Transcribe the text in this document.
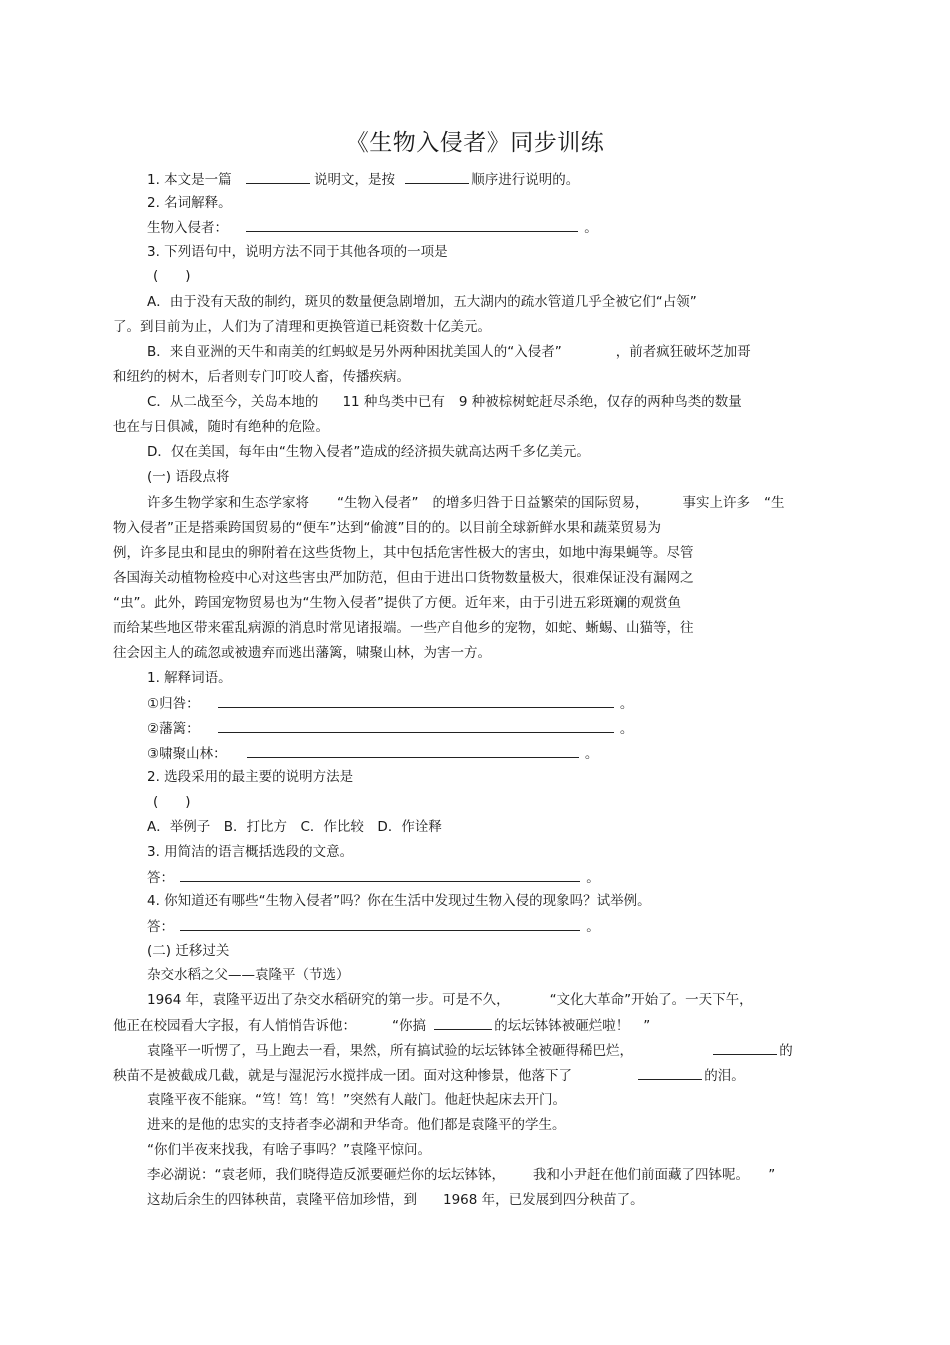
《生物入侵者》同步训练
1. 本文是一篇	说明文，是按	顺序进行说明的。
2. 名词解释。
生物入侵者：	。
3. 下列语句中，说明方法不同于其他各项的一项是
(　　)
A．由于没有天敌的制约，斑贝的数量便急剧增加，五大湖内的疏水管道几乎全被它们“占领”
了。到目前为止，人们为了清理和更换管道已耗资数十亿美元。
B．来自亚洲的天牛和南美的红蚂蚁是另外两种困扰美国人的“入侵者”	，前者疯狂破坏芝加哥
和纽约的树木，后者则专门叮咬人畜，传播疾病。
C．从二战至今，关岛本地的 11 种鸟类中已有 9 种被棕树蛇赶尽杀绝，仅存的两种鸟类的数量
也在与日俱减，随时有绝种的危险。
D．仅在美国，每年由“生物入侵者”造成的经济损失就高达两千多亿美元。
(一) 语段点将
许多生物学家和生态学家将 “生物入侵者” 的增多归咎于日益繁荣的国际贸易，	事实上许多 “生
物入侵者”正是搭乘跨国贸易的“便车”达到“偷渡”目的的。以目前全球新鲜水果和蔬菜贸易为
例，许多昆虫和昆虫的卵附着在这些货物上，其中包括危害性极大的害虫，如地中海果蝇等。尽管
各国海关动植物检疫中心对这些害虫严加防范，但由于进出口货物数量极大，很难保证没有漏网之
“虫”。此外，跨国宠物贸易也为“生物入侵者”提供了方便。近年来，由于引进五彩斑斓的观赏鱼
而给某些地区带来霍乱病源的消息时常见诸报端。一些产自他乡的宠物，如蛇、蜥蜴、山猫等，往
往会因主人的疏忽或被遗弃而逃出藩篱，啸聚山林，为害一方。
1. 解释词语。
①归咎：	。
②藩篱：	。
③啸聚山林：	。
2. 选段采用的最主要的说明方法是
(　　)
A．举例子　B．打比方　C．作比较　D．作诠释
3. 用简洁的语言概括选段的文意。
答：	。
4. 你知道还有哪些“生物入侵者”吗？你在生活中发现过生物入侵的现象吗？试举例。
答：	。
(二) 迁移过关
杂交水稻之父——袁隆平（节选）
1964 年，袁隆平迈出了杂交水稻研究的第一步。可是不久，	“文化大革命”开始了。一天下午，
他正在校园看大字报，有人悄悄告诉他：	“你搞	的坛坛钵钵被砸烂啦！ ”
袁隆平一听愣了，马上跑去一看，果然，所有搞试验的坛坛钵钵全被砸得稀巴烂，	的
秧苗不是被截成几截，就是与湿泥污水搅拌成一团。面对这种惨景，他落下了	的泪。
袁隆平夜不能寐。“笃！笃！笃！”突然有人敲门。他赶快起床去开门。
进来的是他的忠实的支持者李必湖和尹华奇。他们都是袁隆平的学生。
“你们半夜来找我，有啥子事吗？”袁隆平惊问。
李必湖说：“袁老师，我们晓得造反派要砸烂你的坛坛钵钵， 我和小尹赶在他们前面藏了四钵呢。 ”
这劫后余生的四钵秧苗，袁隆平倍加珍惜，到 1968 年，已发展到四分秧苗了。
